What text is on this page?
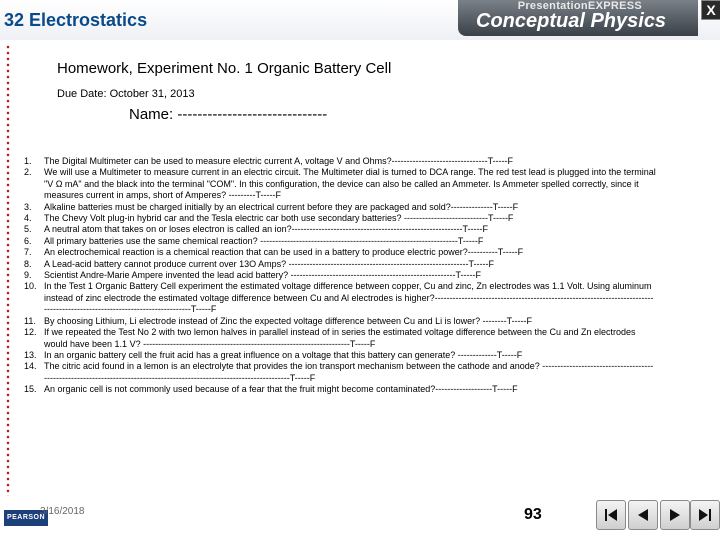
32 Electrostatics
PresentationEXPRESS
Conceptual Physics	X
Homework, Experiment No. 1 Organic Battery Cell
Due Date: October 31, 2013
Name: ------------------------------
1. The Digital Multimeter can be used to measure electric current A, voltage V and Ohms?--------------------------------T-----F
2. We will use a Multimeter to measure current in an electric circuit. The Multimeter dial is turned to DCA range. The red test lead is plugged into the terminal "V Ω mA" and the black into the terminal "COM". In this configuration, the device can also be called an Ammeter. Is Ammeter spelled correctly, since it measures current in amps, short of Amperes? ---------T-----F
3. Alkaline batteries must be charged initially by an electrical current before they are packaged and sold?--------------T-----F
4. The Chevy Volt plug-in hybrid car and the Tesla electric car both use secondary batteries? ----------------------------T-----F
5. A neutral atom that takes on or loses electron is called an ion?---------------------------------------------------------T-----F
6. All primary batteries use the same chemical reaction? ------------------------------------------------------------------T-----F
7. An electrochemical reaction is a chemical reaction that can be used in a battery to produce electric power?----------T-----F
8. A Lead-acid battery cannot produce current over 13O Amps? ------------------------------------------------------------T-----F
9. Scientist Andre-Marie Ampere invented the lead acid battery? -------------------------------------------------------T-----F
10. In the Test 1 Organic Battery Cell experiment the estimated voltage difference between copper, Cu and zinc, Zn electrodes was 1.1 Volt. Using aluminum instead of zinc electrode the estimated voltage difference between Cu and Al electrodes is higher?--------------------------------------------------------------------------------------------------------------------------T-----F
11. By choosing Lithium, Li electrode instead of Zinc the expected voltage difference between Cu and Li is lower? --------T-----F
12. If we repeated the Test No 2 with two lemon halves in parallel instead of in series the estimated voltage difference between the Cu and Zn electrodes would have been 1.1 V? ---------------------------------------------------------------------T-----F
13. In an organic battery cell the fruit acid has a great influence on a voltage that this battery can generate? -------------T-----F
14. The citric acid found in a lemon is an electrolyte that provides the ion transport mechanism between the cathode and anode? -----------------------------------------------------------------------------------------------------------------------T-----F
15. An organic cell is not commonly used because of a fear that the fruit might become contaminated?-------------------T-----F
PEARSON
3/16/2018	93
